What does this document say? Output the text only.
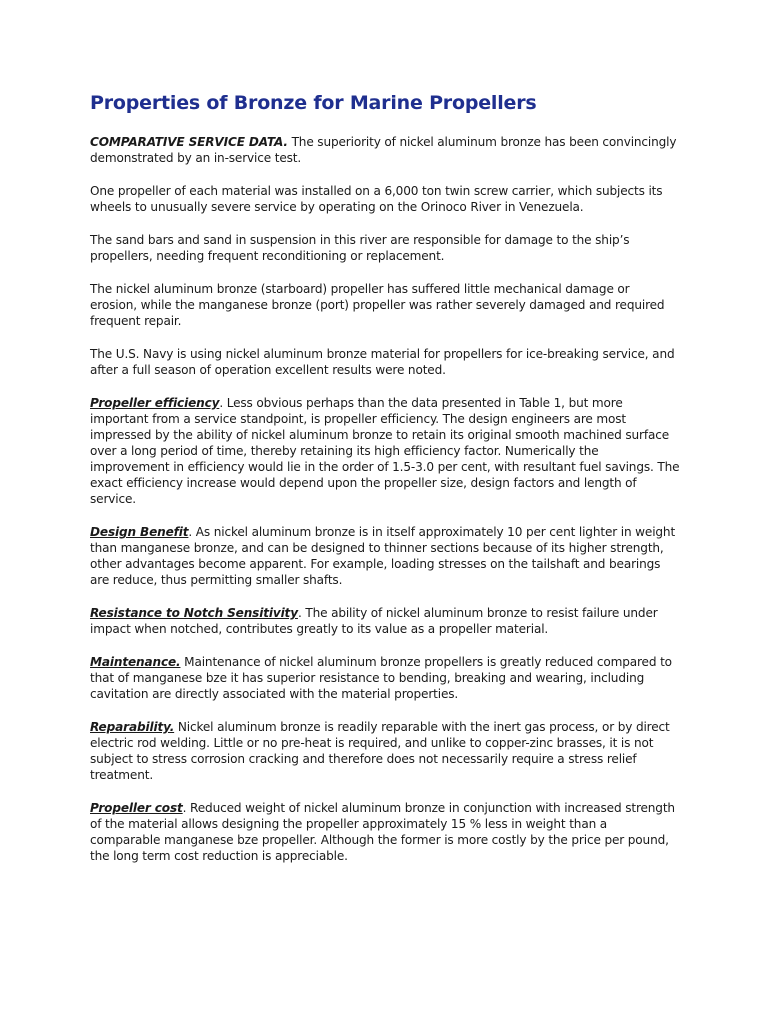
Properties of Bronze for Marine Propellers

COMPARATIVE SERVICE DATA. The superiority of nickel aluminum bronze has been convincingly demonstrated by an in-service test.

One propeller of each material was installed on a 6,000 ton twin screw carrier, which subjects its wheels to unusually severe service by operating on the Orinoco River in Venezuela.

The sand bars and sand in suspension in this river are responsible for damage to the ship’s propellers, needing frequent reconditioning or replacement.

The nickel aluminum bronze (starboard) propeller has suffered little mechanical damage or erosion, while the manganese bronze (port) propeller was rather severely damaged and required frequent repair.

The U.S. Navy is using nickel aluminum bronze material for propellers for ice-breaking service, and after a full season of operation excellent results were noted.

Propeller efficiency. Less obvious perhaps than the data presented in Table 1, but more important from a service standpoint, is propeller efficiency. The design engineers are most impressed by the ability of nickel aluminum bronze to retain its original smooth machined surface over a long period of time, thereby retaining its high efficiency factor. Numerically the improvement in efficiency would lie in the order of 1.5-3.0 per cent, with resultant fuel savings. The exact efficiency increase would depend upon the propeller size, design factors and length of service.

Design Benefit. As nickel aluminum bronze is in itself approximately 10 per cent lighter in weight than manganese bronze, and can be designed to thinner sections because of its higher strength, other advantages become apparent. For example, loading stresses on the tailshaft and bearings are reduce, thus permitting smaller shafts.

Resistance to Notch Sensitivity. The ability of nickel aluminum bronze to resist failure under impact when notched, contributes greatly to its value as a propeller material.

Maintenance. Maintenance of nickel aluminum bronze propellers is greatly reduced compared to that of manganese bze it has superior resistance to bending, breaking and wearing, including cavitation are directly associated with the material properties.

Reparability. Nickel aluminum bronze is readily reparable with the inert gas process, or by direct electric rod welding. Little or no pre-heat is required, and unlike to copper-zinc brasses, it is not subject to stress corrosion cracking and therefore does not necessarily require a stress relief treatment.

Propeller cost. Reduced weight of nickel aluminum bronze in conjunction with increased strength of the material allows designing the propeller approximately 15 % less in weight than a comparable manganese bze propeller. Although the former is more costly by the price per pound, the long term cost reduction is appreciable.
